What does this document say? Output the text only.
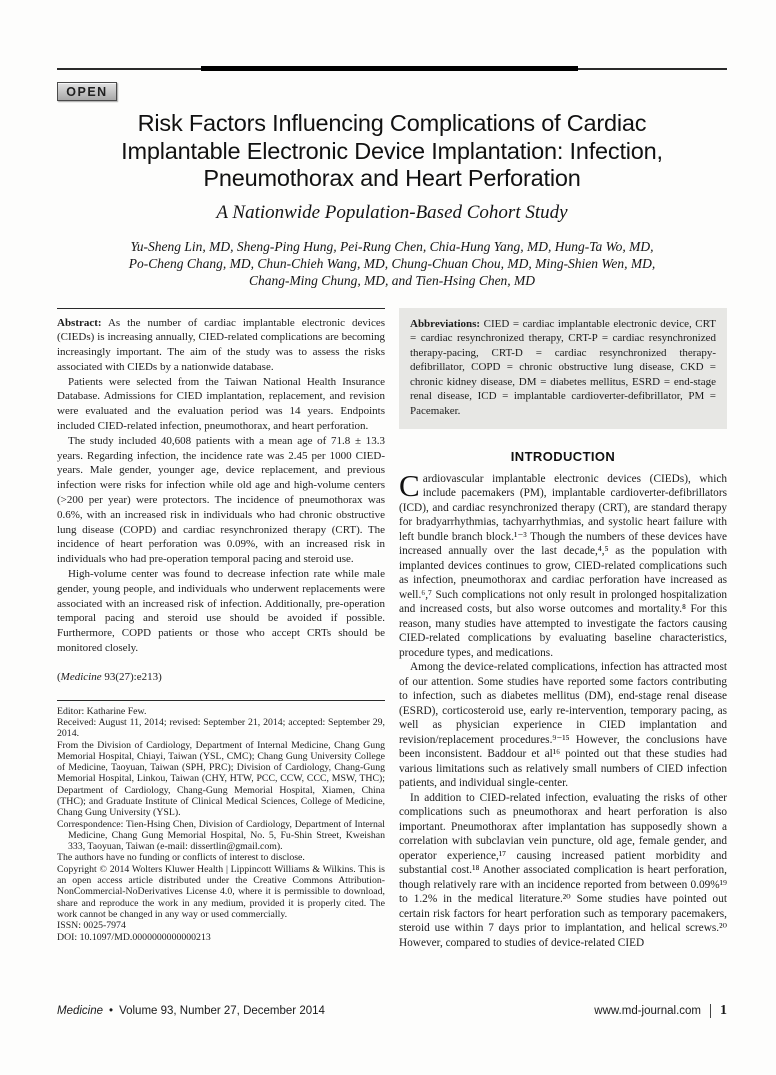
OPEN
Risk Factors Influencing Complications of Cardiac
Implantable Electronic Device Implantation: Infection,
Pneumothorax and Heart Perforation
A Nationwide Population-Based Cohort Study
Yu-Sheng Lin, MD, Sheng-Ping Hung, Pei-Rung Chen, Chia-Hung Yang, MD, Hung-Ta Wo, MD,
Po-Cheng Chang, MD, Chun-Chieh Wang, MD, Chung-Chuan Chou, MD, Ming-Shien Wen, MD,
Chang-Ming Chung, MD, and Tien-Hsing Chen, MD

Abstract: As the number of cardiac implantable electronic devices (CIEDs) is increasing annually, CIED-related complications are becoming increasingly important. The aim of the study was to assess the risks associated with CIEDs by a nationwide database.

Patients were selected from the Taiwan National Health Insurance Database. Admissions for CIED implantation, replacement, and revision were evaluated and the evaluation period was 14 years. Endpoints included CIED-related infection, pneumothorax, and heart perforation.

The study included 40,608 patients with a mean age of 71.8 ± 13.3 years. Regarding infection, the incidence rate was 2.45 per 1000 CIED-years. Male gender, younger age, device replacement, and previous infection were risks for infection while old age and high-volume centers (>200 per year) were protectors. The incidence of pneumothorax was 0.6%, with an increased risk in individuals who had chronic obstructive lung disease (COPD) and cardiac resynchronized therapy (CRT). The incidence of heart perforation was 0.09%, with an increased risk in individuals who had pre-operation temporal pacing and steroid use.

High-volume center was found to decrease infection rate while male gender, young people, and individuals who underwent replacements were associated with an increased risk of infection. Additionally, pre-operation temporal pacing and steroid use should be avoided if possible. Furthermore, COPD patients or those who accept CRTs should be monitored closely.

(Medicine 93(27):e213)

Editor: Katharine Few.

Received: August 11, 2014; revised: September 21, 2014; accepted: September 29, 2014.

From the Division of Cardiology, Department of Internal Medicine, Chang Gung Memorial Hospital, Chiayi, Taiwan (YSL, CMC); Chang Gung University College of Medicine, Taoyuan, Taiwan (SPH, PRC); Division of Cardiology, Chang-Gung Memorial Hospital, Linkou, Taiwan (CHY, HTW, PCC, CCW, CCC, MSW, THC); Department of Cardiology, Chang-Gung Memorial Hospital, Xiamen, China (THC); and Graduate Institute of Clinical Medical Sciences, College of Medicine, Chang Gung University (YSL).

Correspondence: Tien-Hsing Chen, Division of Cardiology, Department of Internal Medicine, Chang Gung Memorial Hospital, No. 5, Fu-Shin Street, Kweishan 333, Taoyuan, Taiwan (e-mail: dissertlin@gmail.com).

The authors have no funding or conflicts of interest to disclose.

Copyright © 2014 Wolters Kluwer Health | Lippincott Williams & Wilkins. This is an open access article distributed under the Creative Commons Attribution-NonCommercial-NoDerivatives License 4.0, where it is permissible to download, share and reproduce the work in any medium, provided it is properly cited. The work cannot be changed in any way or used commercially.

ISSN: 0025-7974

DOI: 10.1097/MD.0000000000000213

Abbreviations: CIED = cardiac implantable electronic device, CRT = cardiac resynchronized therapy, CRT-P = cardiac resynchronized therapy-pacing, CRT-D = cardiac resynchronized therapy-defibrillator, COPD = chronic obstructive lung disease, CKD = chronic kidney disease, DM = diabetes mellitus, ESRD = end-stage renal disease, ICD = implantable cardioverter-defibrillator, PM = Pacemaker.
INTRODUCTION

Cardiovascular implantable electronic devices (CIEDs), which include pacemakers (PM), implantable cardioverter-defibrillators (ICD), and cardiac resynchronized therapy (CRT), are standard therapy for bradyarrhythmias, tachyarrhythmias, and systolic heart failure with left bundle branch block.¹⁻³ Though the numbers of these devices have increased annually over the last decade,⁴,⁵ as the population with implanted devices continues to grow, CIED-related complications such as infection, pneumothorax and cardiac perforation have increased as well.⁶,⁷ Such complications not only result in prolonged hospitalization and increased costs, but also worse outcomes and mortality.⁸ For this reason, many studies have attempted to investigate the factors causing CIED-related complications by evaluating baseline characteristics, procedure types, and medications.

Among the device-related complications, infection has attracted most of our attention. Some studies have reported some factors contributing to infection, such as diabetes mellitus (DM), end-stage renal disease (ESRD), corticosteroid use, early re-intervention, temporary pacing, as well as physician experience in CIED implantation and revision/replacement procedures.⁹⁻¹⁵ However, the conclusions have been inconsistent. Baddour et al¹⁶ pointed out that these studies had various limitations such as relatively small numbers of CIED infection patients, and individual single-center.

In addition to CIED-related infection, evaluating the risks of other complications such as pneumothorax and heart perforation is also important. Pneumothorax after implantation has supposedly shown a correlation with subclavian vein puncture, old age, female gender, and operator experience,¹⁷ causing increased patient morbidity and substantial cost.¹⁸ Another associated complication is heart perforation, though relatively rare with an incidence reported from between 0.09%¹⁹ to 1.2% in the medical literature.²⁰ Some studies have pointed out certain risk factors for heart perforation such as temporary pacemakers, steroid use within 7 days prior to implantation, and helical screws.²⁰ However, compared to studies of device-related CIED

Medicine • Volume 93, Number 27, December 2014	www.md-journal.com 1
